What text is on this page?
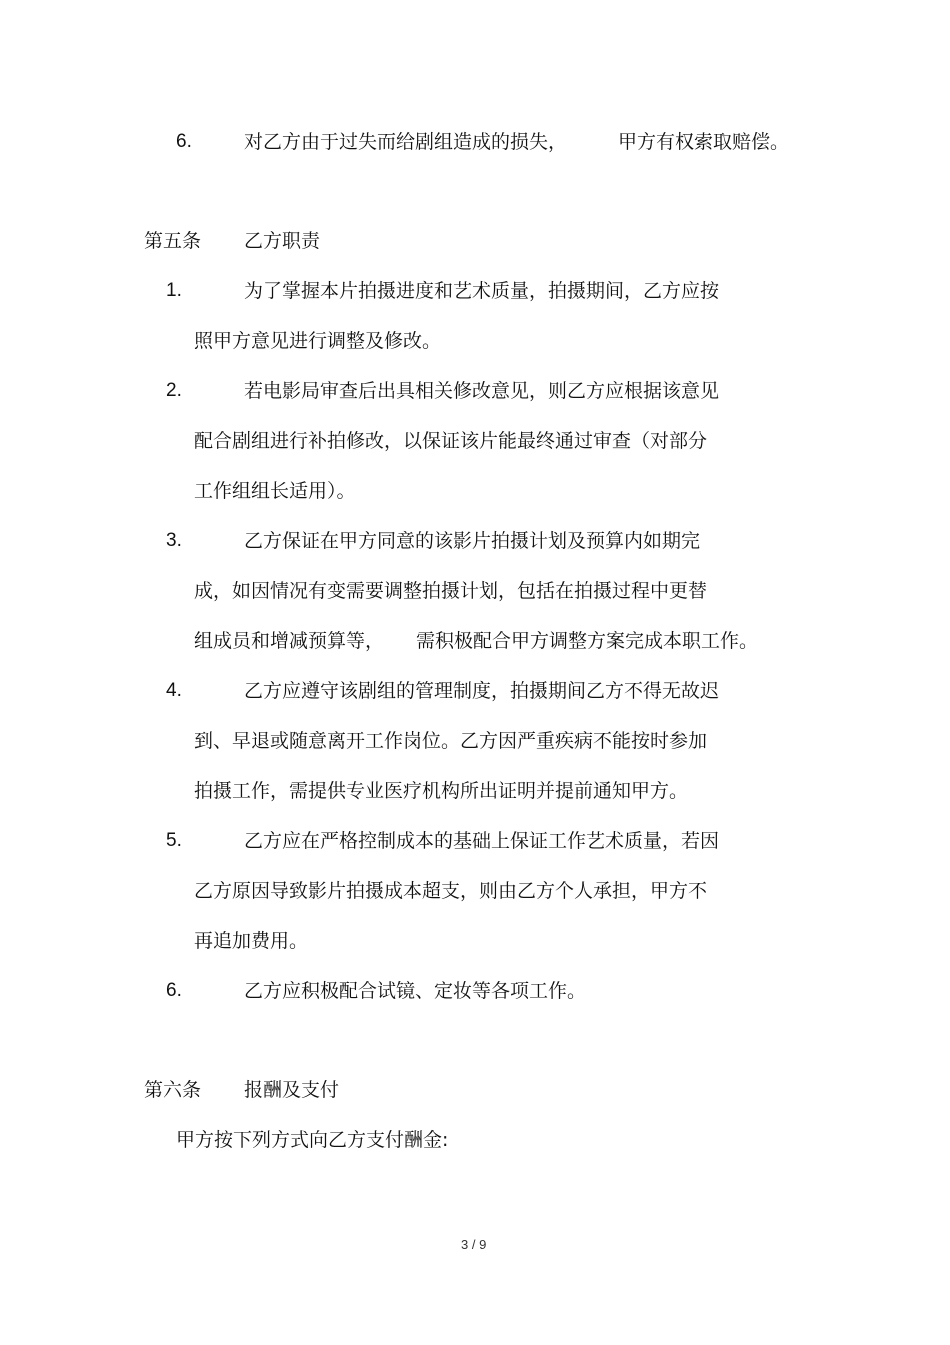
6.	对乙方由于过失而给剧组造成的损失，	甲方有权索取赔偿。
第五条 乙方职责
1.	为了掌握本片拍摄进度和艺术质量，拍摄期间，乙方应按
照甲方意见进行调整及修改。
2.	若电影局审查后出具相关修改意见，则乙方应根据该意见
配合剧组进行补拍修改，以保证该片能最终通过审查（对部分
工作组组长适用）。
3.	乙方保证在甲方同意的该影片拍摄计划及预算内如期完
成，如因情况有变需要调整拍摄计划，包括在拍摄过程中更替
组成员和增减预算等， 需积极配合甲方调整方案完成本职工作。
4.	乙方应遵守该剧组的管理制度，拍摄期间乙方不得无故迟
到、早退或随意离开工作岗位。乙方因严重疾病不能按时参加
拍摄工作，需提供专业医疗机构所出证明并提前通知甲方。
5.	乙方应在严格控制成本的基础上保证工作艺术质量，若因
乙方原因导致影片拍摄成本超支，则由乙方个人承担，甲方不
再追加费用。
6.	乙方应积极配合试镜、定妆等各项工作。
第六条 报酬及支付
甲方按下列方式向乙方支付酬金:
3 / 9
